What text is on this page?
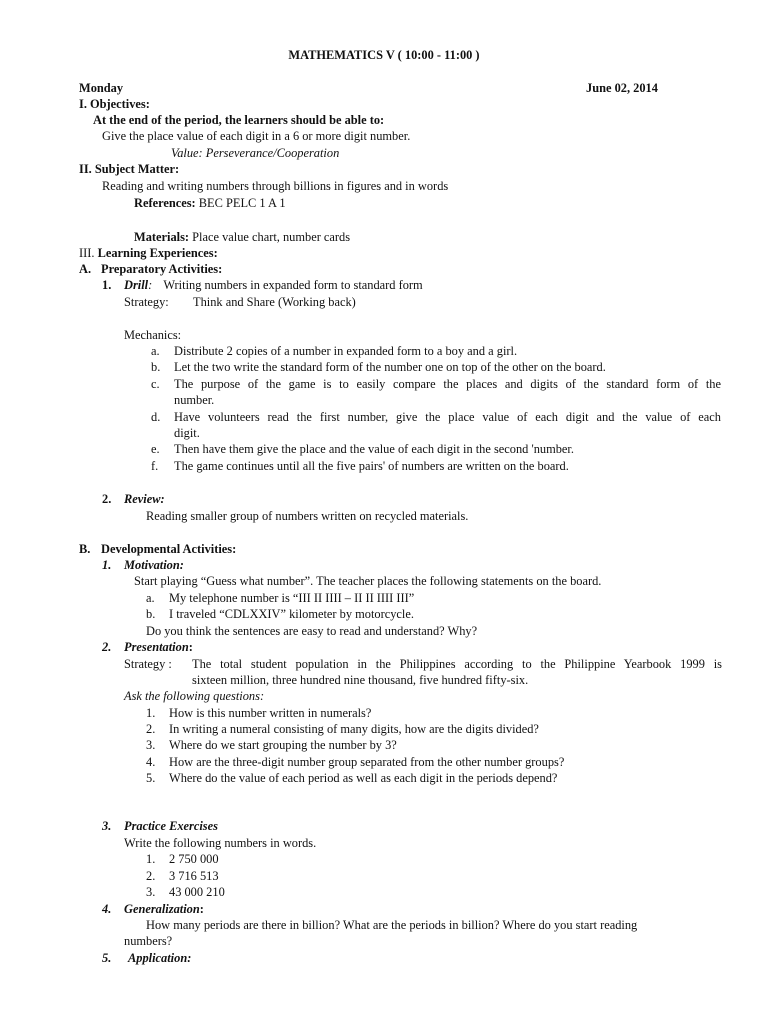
MATHEMATICS V ( 10:00 - 11:00 )
Monday	June 02, 2014
I. Objectives:
At the end of the period, the learners should be able to:
Give the place value of each digit in a 6 or more digit number.
Value: Perseverance/Cooperation
II. Subject Matter:
Reading and writing numbers through billions in figures and in words
References: BEC PELC 1 A 1
Materials: Place value chart, number cards
III. Learning Experiences:
A. Preparatory Activities:
1. Drill: Writing numbers in expanded form to standard form
Strategy: Think and Share (Working back)
Mechanics:
a. Distribute 2 copies of a number in expanded form to a boy and a girl.
b. Let the two write the standard form of the number one on top of the other on the board.
c. The purpose of the game is to easily compare the places and digits of the standard form of the
number.
d. Have volunteers read the first number, give the place value of each digit and the value of each
digit.
e. Then have them give the place and the value of each digit in the second 'number.
f. The game continues until all the five pairs' of numbers are written on the board.
2. Review:
Reading smaller group of numbers written on recycled materials.
B. Developmental Activities:
1. Motivation:
Start playing “Guess what number”. The teacher places the following statements on the board.
a. My telephone number is “III II IIII – II II IIII III”
b. I traveled “CDLXXIV” kilometer by motorcycle.
Do you think the sentences are easy to read and understand? Why?
2. Presentation:
Strategy : The total student population in the Philippines according to the Philippine Yearbook 1999 is
sixteen million, three hundred nine thousand, five hundred fifty-six.
Ask the following questions:
1. How is this number written in numerals?
2. In writing a numeral consisting of many digits, how are the digits divided?
3. Where do we start grouping the number by 3?
4. How are the three-digit number group separated from the other number groups?
5. Where do the value of each period as well as each digit in the periods depend?
3. Practice Exercises
Write the following numbers in words.
1. 2 750 000
2. 3 716 513
3. 43 000 210
4. Generalization:
How many periods are there in billion? What are the periods in billion? Where do you start reading
numbers?
5. Application:
